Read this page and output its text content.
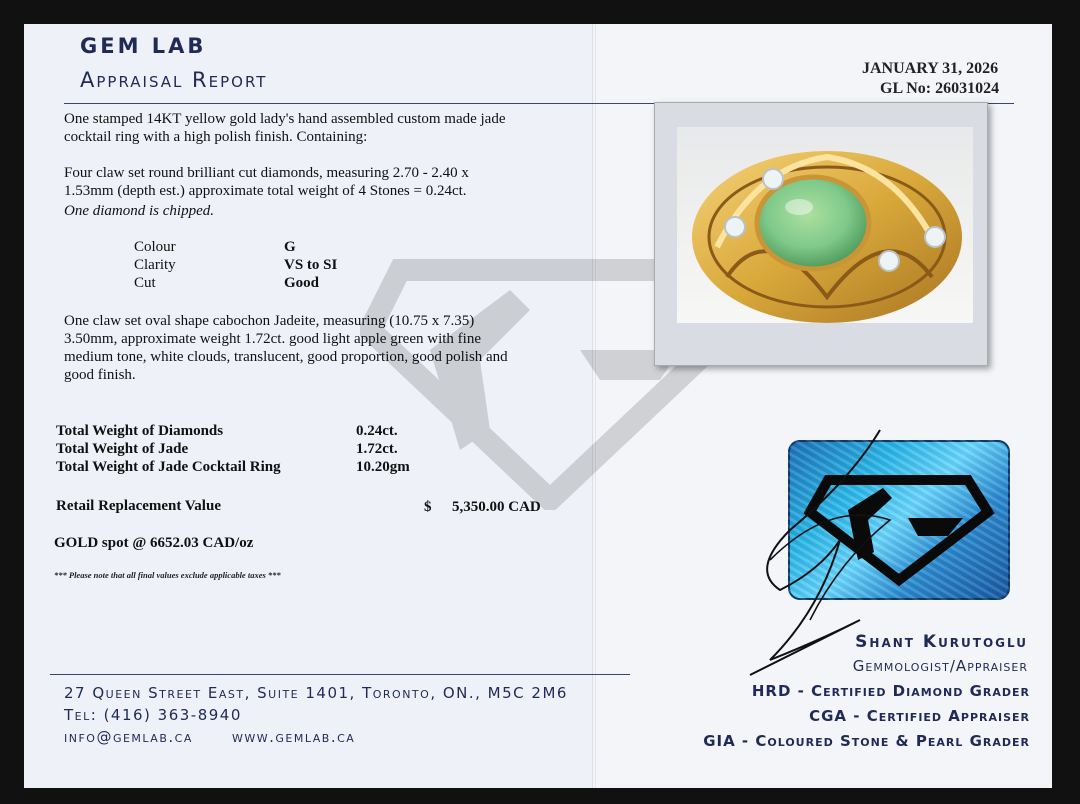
GEM LAB
Appraisal Report	JANUARY 31, 2026
GL No: 26031024
One stamped 14KT yellow gold lady's hand assembled custom made jade cocktail ring with a high polish finish. Containing:
Four claw set round brilliant cut diamonds, measuring 2.70 - 2.40 x 1.53mm (depth est.) approximate total weight of 4 Stones = 0.24ct.
One diamond is chipped.
Colour	G
Clarity	VS to SI
Cut	Good
One claw set oval shape cabochon Jadeite, measuring (10.75 x 7.35) 3.50mm, approximate weight 1.72ct. good light apple green with fine medium tone, white clouds, translucent, good proportion, good polish and good finish.
Total Weight of Diamonds	0.24ct.
Total Weight of Jade	1.72ct.
Total Weight of Jade Cocktail Ring	10.20gm
Retail Replacement Value	$ 5,350.00 CAD
GOLD spot @ 6652.03 CAD/oz
*** Please note that all final values exclude applicable taxes ***
Shant Kurutoglu
Gemmologist/Appraiser
HRD - Certified Diamond Grader
CGA - Certified Appraiser
GIA - Coloured Stone & Pearl Grader
27 Queen Street East, Suite 1401, Toronto, ON., M5C 2M6
Tel: (416) 363-8940
info@gemlab.ca	www.gemlab.ca
